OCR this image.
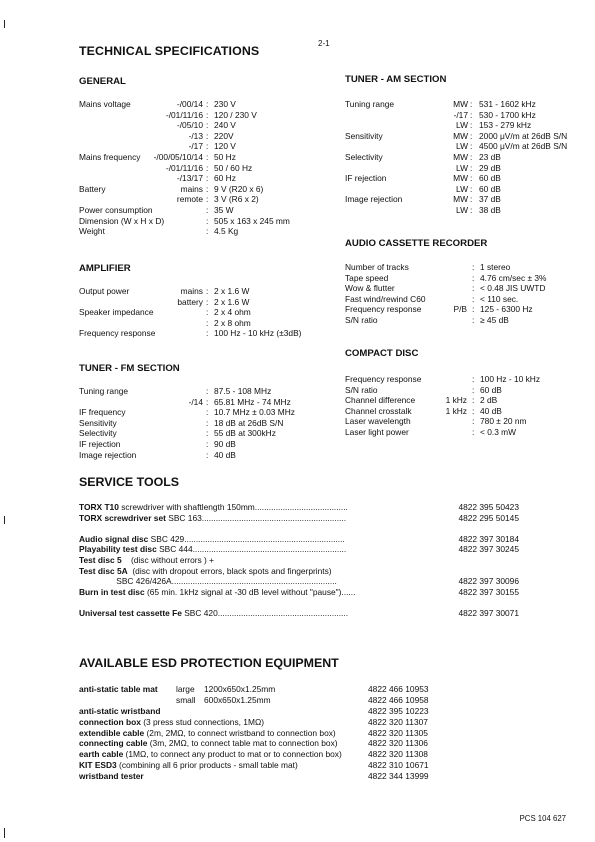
2-1
TECHNICAL SPECIFICATIONS
GENERAL
AMPLIFIER
TUNER - FM SECTION
TUNER - AM SECTION
AUDIO CASSETTE RECORDER
COMPACT DISC
Mains voltage	-/00/14 : 230 V
-/01/11/16 : 120 / 230 V
-/05/10 : 240 V
-/13 : 220V
-/17 : 120 V
Mains frequency -/00/05/10/14 : 50 Hz
-/01/11/16 : 50 / 60 Hz
-/13/17 : 60 Hz
Battery	mains : 9 V (R20 x 6)
remote : 3 V (R6 x 2)
Power consumption	: 35 W
Dimension (W x H x D)	: 505 x 163 x 245 mm
Weight	: 4.5 Kg
Output power	mains : 2 x 1.6 W
battery : 2 x 1.6 W
Speaker impedance	: 2 x 4 ohm
: 2 x 8 ohm
Frequency response	: 100 Hz - 10 kHz (±3dB)
Tuning range	: 87.5 - 108 MHz
-/14 : 65.81 MHz - 74 MHz
IF frequency	: 10.7 MHz ± 0.03 MHz
Sensitivity	: 18 dB at 26dB S/N
Selectivity	: 55 dB at 300kHz
IF rejection	: 90 dB
Image rejection	: 40 dB
Tuning range	MW : 531 - 1602 kHz
-/17 : 530 - 1700 kHz
LW : 153 - 279 kHz
Sensitivity	MW : 2000 μV/m at 26dB S/N
LW : 4500 μV/m at 26dB S/N
Selectivity	MW : 23 dB
LW : 29 dB
IF rejection	MW : 60 dB
LW : 60 dB
Image rejection	MW : 37 dB
LW : 38 dB
Number of tracks	: 1 stereo
Tape speed	: 4.76 cm/sec ± 3%
Wow & flutter	: < 0.48 JIS UWTD
Fast wind/rewind C60	: < 110 sec.
Frequency response	P/B : 125 - 6300 Hz
S/N ratio	: ≥ 45 dB
Frequency response	: 100 Hz - 10 kHz
S/N ratio	: 60 dB
Channel difference	1 kHz : 2 dB
Channel crosstalk	1 kHz : 40 dB
Laser wavelength	: 780 ± 20 nm
Laser light power	: < 0.3 mW
SERVICE TOOLS
TORX T10 screwdriver with shaftlength 150mm........................................	4822 395 50423
TORX screwdriver set SBC 163..............................................................	4822 295 50145
Audio signal disc SBC 429.....................................................................	4822 397 30184
Playability test disc SBC 444..................................................................	4822 397 30245
Test disc 5    (disc without errors ) +
Test disc 5A  (disc with dropout errors, black spots and fingerprints)
SBC 426/426A.......................................................................	4822 397 30096
Burn in test disc (65 min. 1kHz signal at -30 dB level without "pause")......	4822 397 30155
Universal test cassette Fe SBC 420........................................................	4822 397 30071
AVAILABLE ESD PROTECTION EQUIPMENT
anti-static table mat large 1200x650x1.25mm	4822 466 10953
small 600x650x1.25mm	4822 466 10958
anti-static wristband	4822 395 10223
connection box (3 press stud connections, 1MΩ)	4822 320 11307
extendible cable (2m, 2MΩ, to connect wristband to connection box)	4822 320 11305
connecting cable (3m, 2MΩ, to connect table mat to connection box)	4822 320 11306
earth cable (1MΩ, to connect any product to mat or to connection box)	4822 320 11308
KIT ESD3 (combining all 6 prior products - small table mat)	4822 310 10671
wristband tester	4822 344 13999
PCS 104 627
